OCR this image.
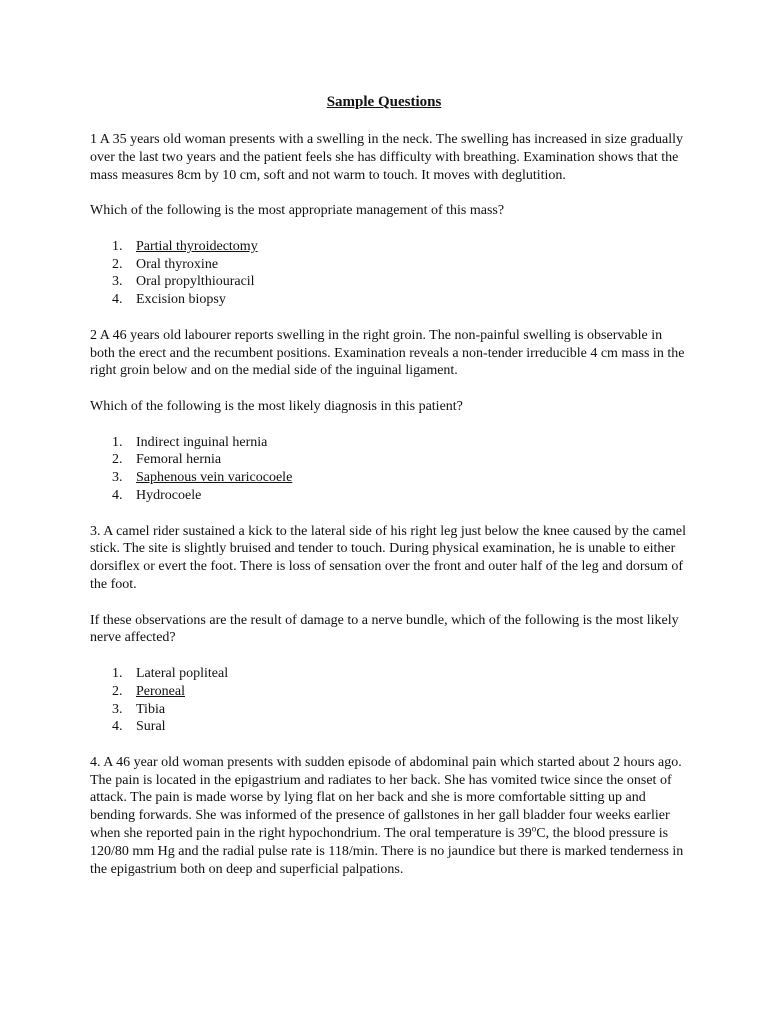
Sample Questions

1 A 35 years old woman presents with a swelling in the neck. The swelling has increased in size gradually over the last two years and the patient feels she has difficulty with breathing. Examination shows that the mass measures 8cm by 10 cm, soft and not warm to touch. It moves with deglutition.

Which of the following is the most appropriate management of this mass?

1. Partial thyroidectomy
2. Oral thyroxine
3. Oral propylthiouracil
4. Excision biopsy

2 A 46 years old labourer reports swelling in the right groin. The non-painful swelling is observable in both the erect and the recumbent positions. Examination reveals a non-tender irreducible 4 cm mass in the right groin below and on the medial side of the inguinal ligament.

Which of the following is the most likely diagnosis in this patient?

1. Indirect inguinal hernia
2. Femoral hernia
3. Saphenous vein varicocoele
4. Hydrocoele

3. A camel rider sustained a kick to the lateral side of his right leg just below the knee caused by the camel stick. The site is slightly bruised and tender to touch. During physical examination, he is unable to either dorsiflex or evert the foot. There is loss of sensation over the front and outer half of the leg and dorsum of the foot.

If these observations are the result of damage to a nerve bundle, which of the following is the most likely nerve affected?

1. Lateral popliteal
2. Peroneal
3. Tibia
4. Sural

4. A 46 year old woman presents with sudden episode of abdominal pain which started about 2 hours ago. The pain is located in the epigastrium and radiates to her back. She has vomited twice since the onset of attack. The pain is made worse by lying flat on her back and she is more comfortable sitting up and bending forwards. She was informed of the presence of gallstones in her gall bladder four weeks earlier when she reported pain in the right hypochondrium. The oral temperature is 39$^o$C, the blood pressure is 120/80 mm Hg and the radial pulse rate is 118/min. There is no jaundice but there is marked tenderness in the epigastrium both on deep and superficial palpations.
